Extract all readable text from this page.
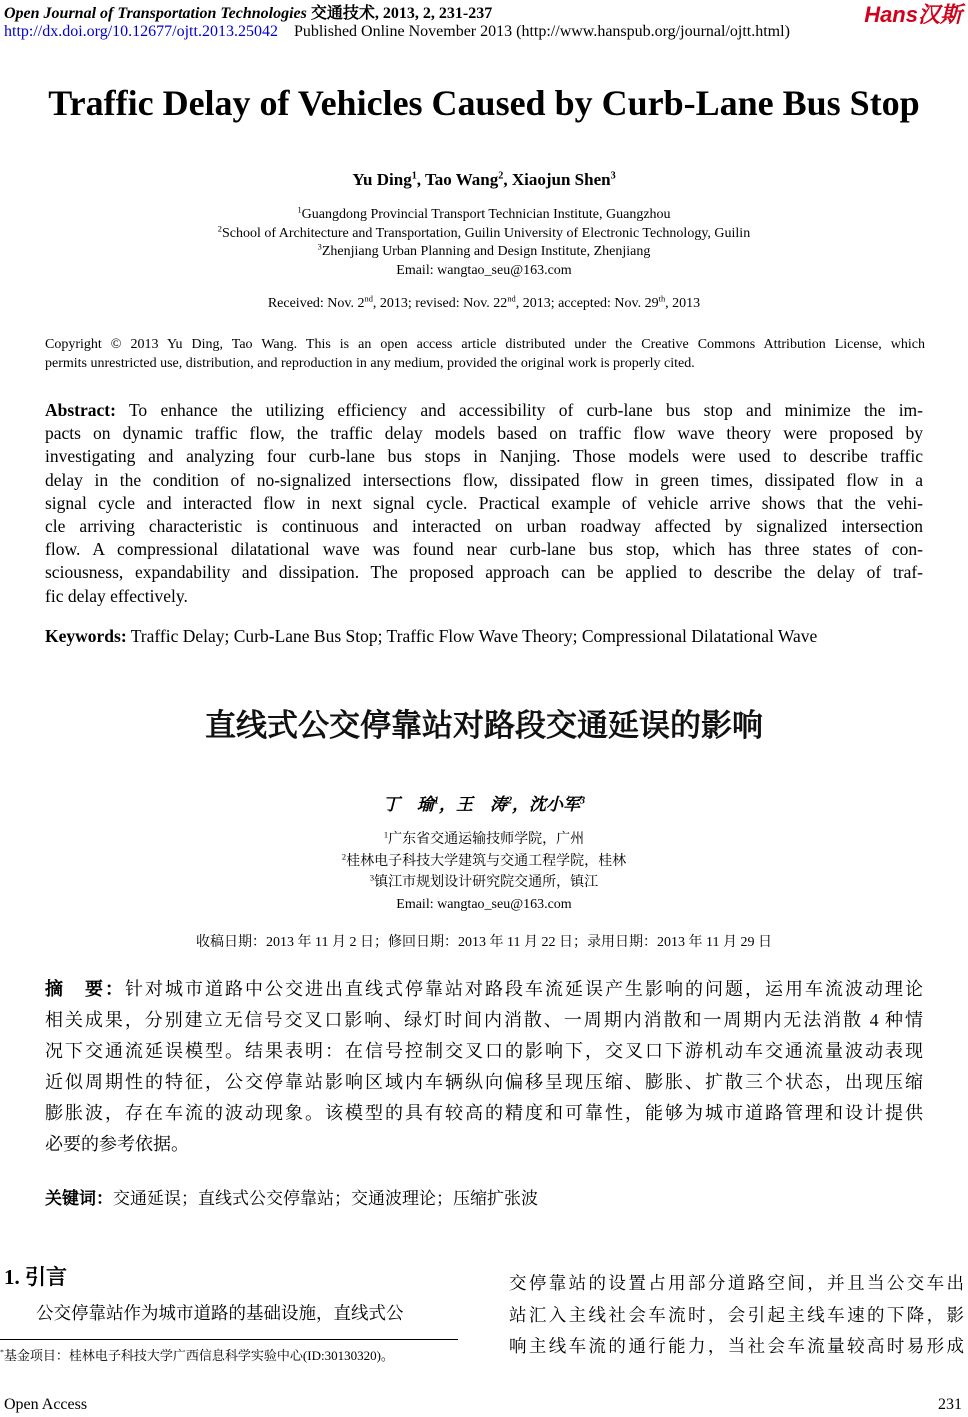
Open Journal of Transportation Technologies 交通技术, 2013, 2, 231-237	Hans汉斯
http://dx.doi.org/10.12677/ojtt.2013.25042 Published Online November 2013 (http://www.hanspub.org/journal/ojtt.html)
Traffic Delay of Vehicles Caused by Curb-Lane Bus Stop
Yu Ding$^1$, Tao Wang$^2$, Xiaojun Shen$^3$
$^1$Guangdong Provincial Transport Technician Institute, Guangzhou
$^2$School of Architecture and Transportation, Guilin University of Electronic Technology, Guilin
$^3$Zhenjiang Urban Planning and Design Institute, Zhenjiang
Email: wangtao_seu@163.com
Received: Nov. 2nd, 2013; revised: Nov. 22nd, 2013; accepted: Nov. 29th, 2013
Copyright © 2013 Yu Ding, Tao Wang. This is an open access article distributed under the Creative Commons Attribution License, which
permits unrestricted use, distribution, and reproduction in any medium, provided the original work is properly cited.
Abstract: To enhance the utilizing efficiency and accessibility of curb-lane bus stop and minimize the im-
pacts on dynamic traffic flow, the traffic delay models based on traffic flow wave theory were proposed by
investigating and analyzing four curb-lane bus stops in Nanjing. Those models were used to describe traffic
delay in the condition of no-signalized intersections flow, dissipated flow in green times, dissipated flow in a
signal cycle and interacted flow in next signal cycle. Practical example of vehicle arrive shows that the vehi-
cle arriving characteristic is continuous and interacted on urban roadway affected by signalized intersection
flow. A compressional dilatational wave was found near curb-lane bus stop, which has three states of con-
sciousness, expandability and dissipation. The proposed approach can be applied to describe the delay of traf-
fic delay effectively.
Keywords: Traffic Delay; Curb-Lane Bus Stop; Traffic Flow Wave Theory; Compressional Dilatational Wave
直线式公交停靠站对路段交通延误的影响
丁　瑜$^1$，王　涛$^2$，沈小军$^3$
$^1$广东省交通运输技师学院，广州
$^2$桂林电子科技大学建筑与交通工程学院，桂林
$^3$镇江市规划设计研究院交通所，镇江
Email: wangtao_seu@163.com
收稿日期：2013 年 11 月 2 日；修回日期：2013 年 11 月 22 日；录用日期：2013 年 11 月 29 日
摘　要：针对城市道路中公交进出直线式停靠站对路段车流延误产生影响的问题，运用车流波动理论
相关成果，分别建立无信号交叉口影响、绿灯时间内消散、一周期内消散和一周期内无法消散 4 种情
况下交通流延误模型。结果表明：在信号控制交叉口的影响下，交叉口下游机动车交通流量波动表现
近似周期性的特征，公交停靠站影响区域内车辆纵向偏移呈现压缩、膨胀、扩散三个状态，出现压缩
膨胀波，存在车流的波动现象。该模型的具有较高的精度和可靠性，能够为城市道路管理和设计提供
必要的参考依据。
关键词：交通延误；直线式公交停靠站；交通波理论；压缩扩张波
1. 引言
公交停靠站作为城市道路的基础设施，直线式公
*基金项目：桂林电子科技大学广西信息科学实验中心(ID:30130320)。
交停靠站的设置占用部分道路空间，并且当公交车出
站汇入主线社会车流时，会引起主线车速的下降，影
响主线车流的通行能力，当社会车流量较高时易形成
Open Access	231
